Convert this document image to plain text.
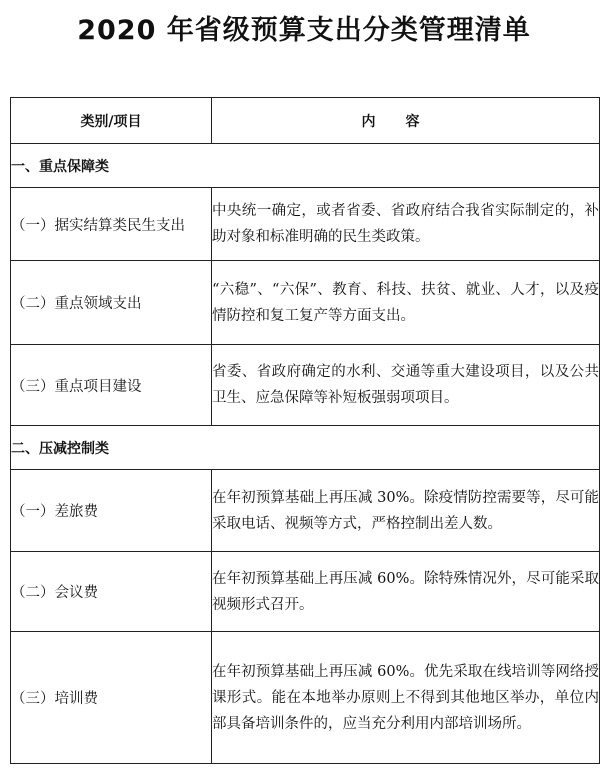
2020 年省级预算支出分类管理清单
类别/项目	内容
一、重点保障类	
（一）据实结算类民生支出	中央统一确定，或者省委、省政府结合我省实际制定的，补助对象和标准明确的民生类政策。
（二）重点领域支出	“六稳”、“六保”、教育、科技、扶贫、就业、人才，以及疫情防控和复工复产等方面支出。
（三）重点项目建设	省委、省政府确定的水利、交通等重大建设项目，以及公共卫生、应急保障等补短板强弱项项目。
二、压减控制类	
（一）差旅费	在年初预算基础上再压减 30%。除疫情防控需要等，尽可能采取电话、视频等方式，严格控制出差人数。
（二）会议费	在年初预算基础上再压减 60%。除特殊情况外，尽可能采取视频形式召开。
（三）培训费	在年初预算基础上再压减 60%。优先采取在线培训等网络授课形式。能在本地举办原则上不得到其他地区举办，单位内部具备培训条件的，应当充分利用内部培训场所。
